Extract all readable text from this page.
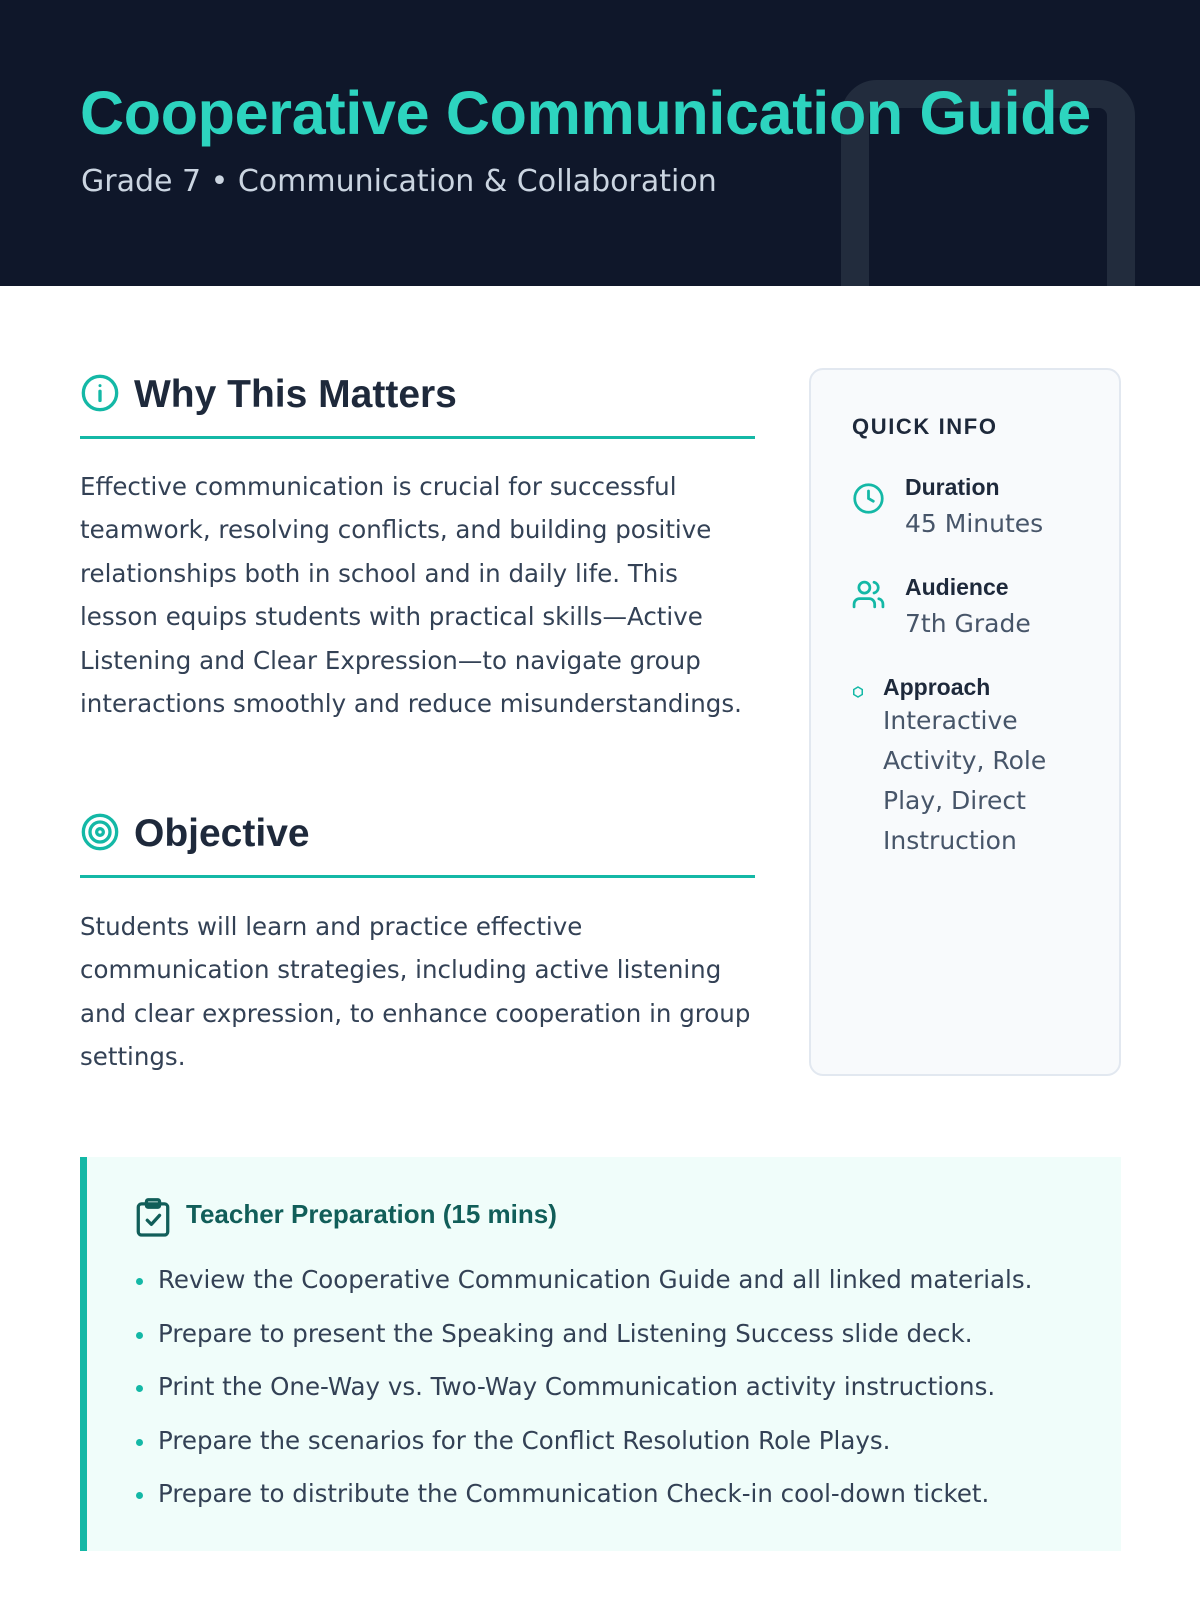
Cooperative Communication Guide
Grade 7 • Communication & Collaboration
Why This Matters

Effective communication is crucial for successful teamwork, resolving conflicts, and building positive relationships both in school and in daily life. This lesson equips students with practical skills—Active Listening and Clear Expression—to navigate group interactions smoothly and reduce misunderstandings.

Objective

Students will learn and practice effective communication strategies, including active listening and clear expression, to enhance cooperation in group settings.

QUICK INFO
Duration
45 Minutes
Audience
7th Grade
Approach
Interactive Activity, Role Play, Direct Instruction
Teacher Preparation (15 mins)
Review the Cooperative Communication Guide and all linked materials.
Prepare to present the Speaking and Listening Success slide deck.
Print the One-Way vs. Two-Way Communication activity instructions.
Prepare the scenarios for the Conflict Resolution Role Plays.
Prepare to distribute the Communication Check-in cool-down ticket.
